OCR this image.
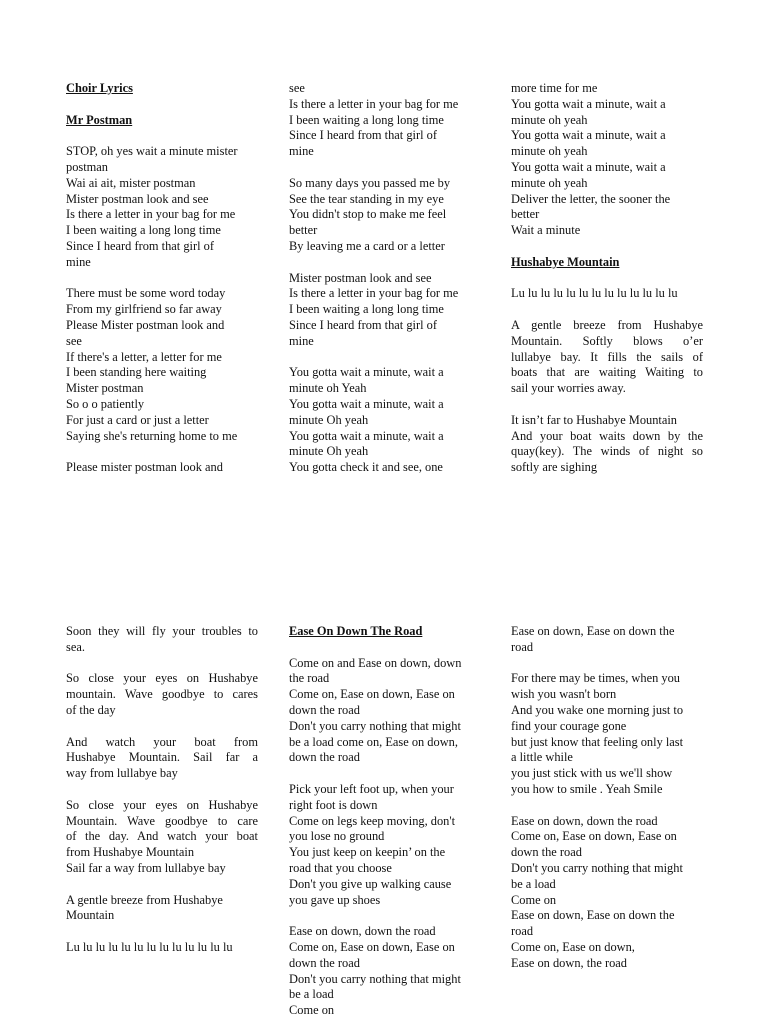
Choir Lyrics

Mr Postman

STOP, oh yes wait a minute mister

postman

Wai ai ait, mister postman

Mister postman look and see

Is there a letter in your bag for me

I been waiting a long long time

Since I heard from that girl of

mine

There must be some word today

From my girlfriend so far away

Please Mister postman look and

see

If there's a letter, a letter for me

I been standing here waiting

Mister postman

So o o patiently

For just a card or just a letter

Saying she's returning home to me

Please mister postman look and

see

Is there a letter in your bag for me

I been waiting a long long time

Since I heard from that girl of

mine

So many days you passed me by

See the tear standing in my eye

You didn't stop to make me feel

better

By leaving me a card or a letter

Mister postman look and see

Is there a letter in your bag for me

I been waiting a long long time

Since I heard from that girl of

mine

You gotta wait a minute, wait a

minute oh Yeah

You gotta wait a minute, wait a

minute Oh yeah

You gotta wait a minute, wait a

minute Oh yeah

You gotta check it and see, one

more time for me

You gotta wait a minute, wait a

minute oh yeah

You gotta wait a minute, wait a

minute oh yeah

You gotta wait a minute, wait a

minute oh yeah

Deliver the letter, the sooner the

better

Wait a minute

Hushabye Mountain

Lu lu lu lu lu lu lu lu lu lu lu lu lu

A gentle breeze from Hushabye

Mountain. Softly blows o’er

lullabye bay. It fills the sails of

boats that are waiting Waiting to

sail your worries away.

It isn’t far to Hushabye Mountain

And your boat waits down by the

quay(key). The winds of night so

softly are sighing

Soon they will fly your troubles to

sea.

So close your eyes on Hushabye

mountain. Wave goodbye to cares

of the day

And watch your boat from

Hushabye Mountain. Sail far a

way from lullabye bay

So close your eyes on Hushabye

Mountain. Wave goodbye to care

of the day. And watch your boat

from Hushabye Mountain

Sail far a way from lullabye bay

A gentle breeze from Hushabye

Mountain

Lu lu lu lu lu lu lu lu lu lu lu lu lu

Ease On Down The Road

Come on and Ease on down, down

the road

Come on, Ease on down, Ease on

down the road

Don't you carry nothing that might

be a load come on, Ease on down,

down the road

Pick your left foot up, when your

right foot is down

Come on legs keep moving, don't

you lose no ground

You just keep on keepin’ on the

road that you choose

Don't you give up walking cause

you gave up shoes

Ease on down, down the road

Come on, Ease on down, Ease on

down the road

Don't you carry nothing that might

be a load

Come on

Ease on down, Ease on down the

road

For there may be times, when you

wish you wasn't born

And you wake one morning just to

find your courage gone

but just know that feeling only last

a little while

you just stick with us we'll show

you how to smile . Yeah Smile

Ease on down, down the road

Come on, Ease on down, Ease on

down the road

Don't you carry nothing that might

be a load

Come on

Ease on down, Ease on down the

road

Come on, Ease on down,

Ease on down, the road
